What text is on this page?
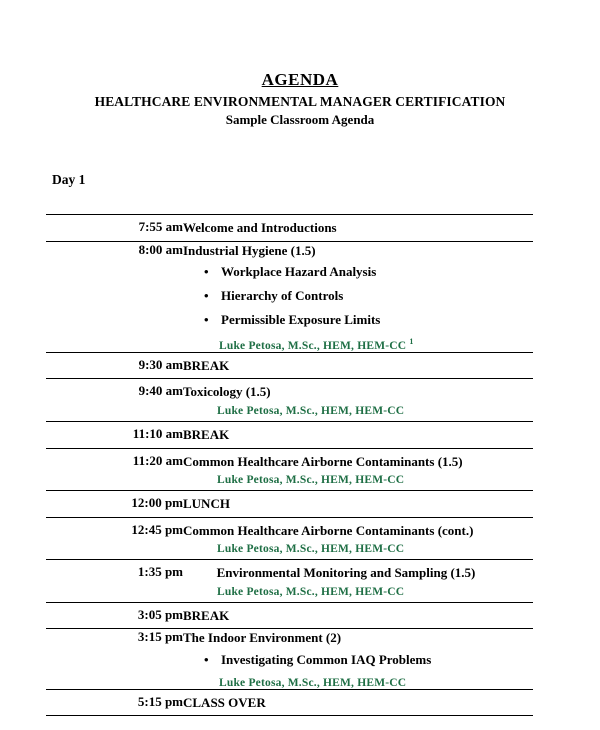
AGENDA
HEALTHCARE ENVIRONMENTAL MANAGER CERTIFICATION
Sample Classroom Agenda
Day 1
7:55 am	Welcome and Introductions

8:00 am	Industrial Hygiene (1.5)
• Workplace Hazard Analysis
• Hierarchy of Controls
• Permissible Exposure Limits
Luke Petosa, M.Sc., HEM, HEM-CC $^1$

9:30 am	BREAK

9:40 am	Toxicology (1.5)
Luke Petosa, M.Sc., HEM, HEM-CC

11:10 am	BREAK

11:20 am	Common Healthcare Airborne Contaminants (1.5)
Luke Petosa, M.Sc., HEM, HEM-CC

12:00 pm	LUNCH

12:45 pm	Common Healthcare Airborne Contaminants (cont.)
Luke Petosa, M.Sc., HEM, HEM-CC

1:35 pm	Environmental Monitoring and Sampling (1.5)
Luke Petosa, M.Sc., HEM, HEM-CC

3:05 pm	BREAK

3:15 pm	The Indoor Environment (2)
• Investigating Common IAQ Problems
Luke Petosa, M.Sc., HEM, HEM-CC

5:15 pm	CLASS OVER
